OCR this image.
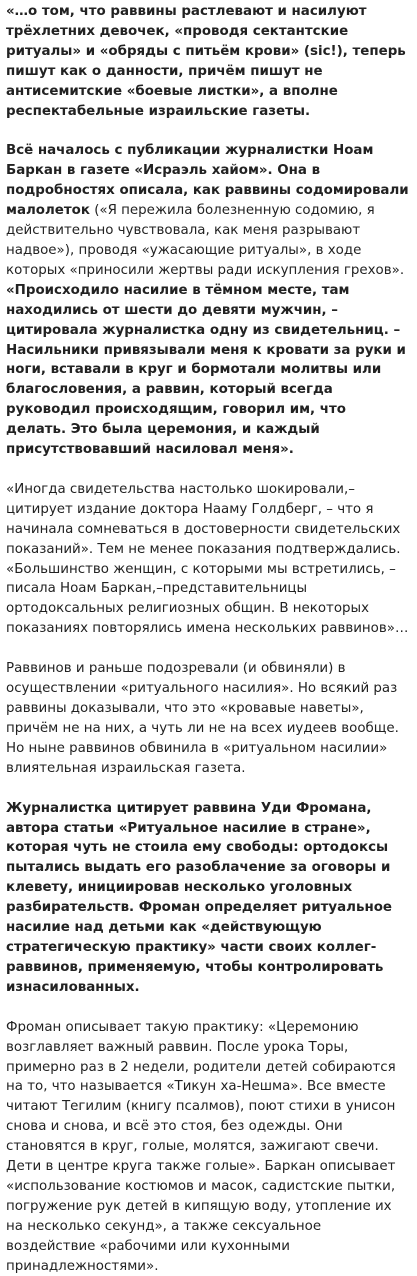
«…о том, что раввины растлевают и насилуют трёхлетних девочек, «проводя сектантские ритуалы» и «обряды с питьём крови» (sic!), теперь пишут как о данности, причём пишут не антисемитские «боевые листки», а вполне респектабельные израильские газеты.

Всё началось с публикации журналистки Ноам Баркан в газете «Исраэль хайом». Она в подробностях описала, как раввины содомировали малолеток («Я пережила болезненную содомию, я действительно чувствовала, как меня разрывают надвое»), проводя «ужасающие ритуалы», в ходе которых «приносили жертвы ради искупления грехов». «Происходило насилие в тёмном месте, там находились от шести до девяти мужчин, – цитировала журналистка одну из свидетельниц. – Насильники привязывали меня к кровати за руки и ноги, вставали в круг и бормотали молитвы или благословения, а раввин, который всегда руководил происходящим, говорил им, что делать. Это была церемония, и каждый присутствовавший насиловал меня».

«Иногда свидетельства настолько шокировали,–цитирует издание доктора Нааму Голдберг, – что я начинала сомневаться в достоверности свидетельских показаний». Тем не менее показания подтверждались. «Большинство женщин, с которыми мы встретились, – писала Ноам Баркан,–представительницы ортодоксальных религиозных общин. В некоторых показаниях повторялись имена нескольких раввинов»…

Раввинов и раньше подозревали (и обвиняли) в осуществлении «ритуального насилия». Но всякий раз раввины доказывали, что это «кровавые наветы», причём не на них, а чуть ли не на всех иудеев вообще. Но ныне раввинов обвинила в «ритуальном насилии» влиятельная израильская газета.

Журналистка цитирует раввина Уди Фромана, автора статьи «Ритуальное насилие в стране», которая чуть не стоила ему свободы: ортодоксы пытались выдать его разоблачение за оговоры и клевету, инициировав несколько уголовных разбирательств. Фроман определяет ритуальное насилие над детьми как «действующую стратегическую практику» части своих коллег-раввинов, применяемую, чтобы контролировать изнасилованных.

Фроман описывает такую практику: «Церемонию возглавляет важный раввин. После урока Торы, примерно раз в 2 недели, родители детей собираются на то, что называется «Тикун ха-Нешма». Все вместе читают Тегилим (книгу псалмов), поют стихи в унисон снова и снова, и всё это стоя, без одежды. Они становятся в круг, голые, молятся, зажигают свечи. Дети в центре круга также голые». Баркан описывает «использование костюмов и масок, садистские пытки, погружение рук детей в кипящую воду, утопление их на несколько секунд», а также сексуальное воздействие «рабочими или кухонными принадлежностями».
